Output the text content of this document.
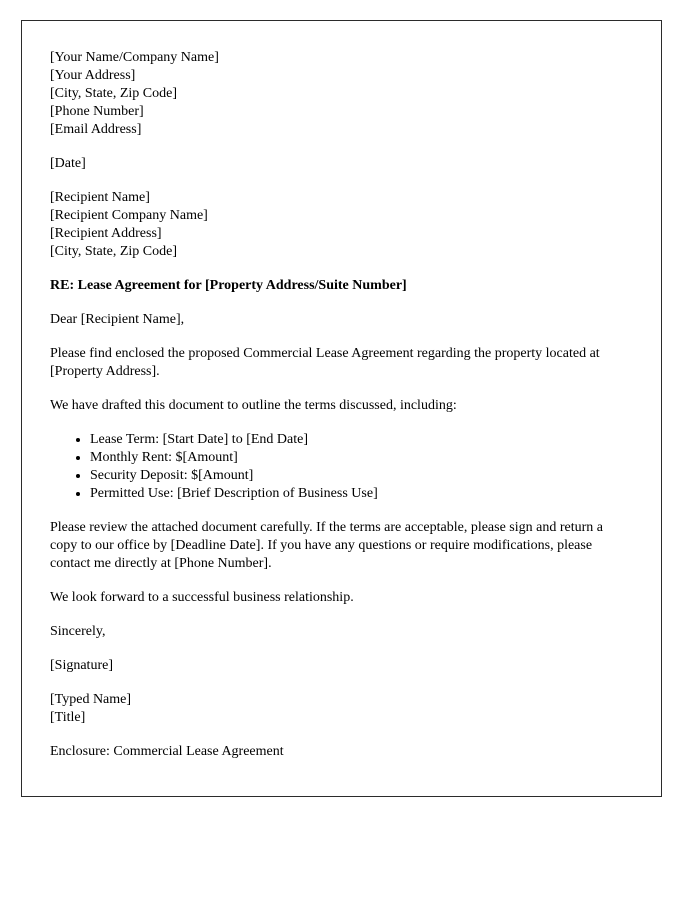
[Your Name/Company Name]
[Your Address]
[City, State, Zip Code]
[Phone Number]
[Email Address]

[Date]

[Recipient Name]
[Recipient Company Name]
[Recipient Address]
[City, State, Zip Code]

RE: Lease Agreement for [Property Address/Suite Number]

Dear [Recipient Name],

Please find enclosed the proposed Commercial Lease Agreement regarding the property located at [Property Address].

We have drafted this document to outline the terms discussed, including:

• Lease Term: [Start Date] to [End Date]
• Monthly Rent: $[Amount]
• Security Deposit: $[Amount]
• Permitted Use: [Brief Description of Business Use]

Please review the attached document carefully. If the terms are acceptable, please sign and return a copy to our office by [Deadline Date]. If you have any questions or require modifications, please contact me directly at [Phone Number].

We look forward to a successful business relationship.

Sincerely,

[Signature]

[Typed Name]
[Title]

Enclosure: Commercial Lease Agreement
